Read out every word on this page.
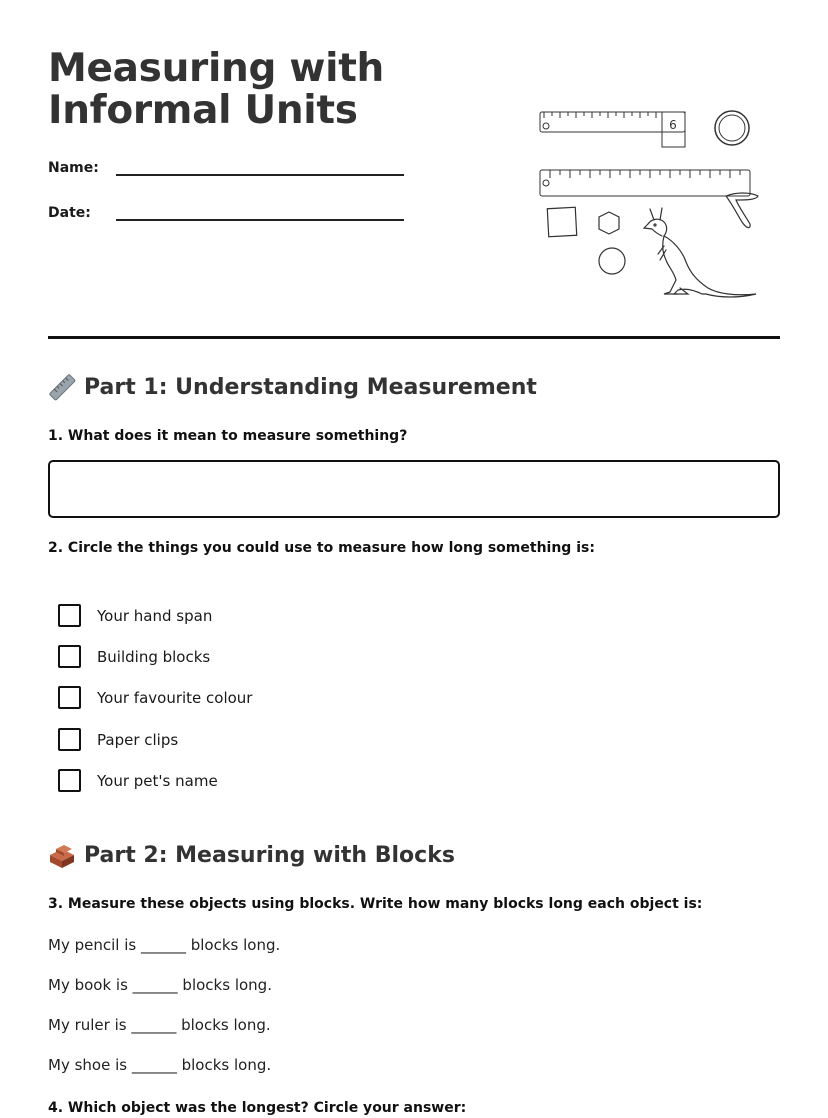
Measuring with
Informal Units
Name:
Date:
6
Part 1: Understanding Measurement
1. What does it mean to measure something?
2. Circle the things you could use to measure how long something is:
Your hand span
Building blocks
Your favourite colour
Paper clips
Your pet's name
Part 2: Measuring with Blocks
3. Measure these objects using blocks. Write how many blocks long each object is:
My pencil is ______ blocks long.
My book is ______ blocks long.
My ruler is ______ blocks long.
My shoe is ______ blocks long.
4. Which object was the longest? Circle your answer:
